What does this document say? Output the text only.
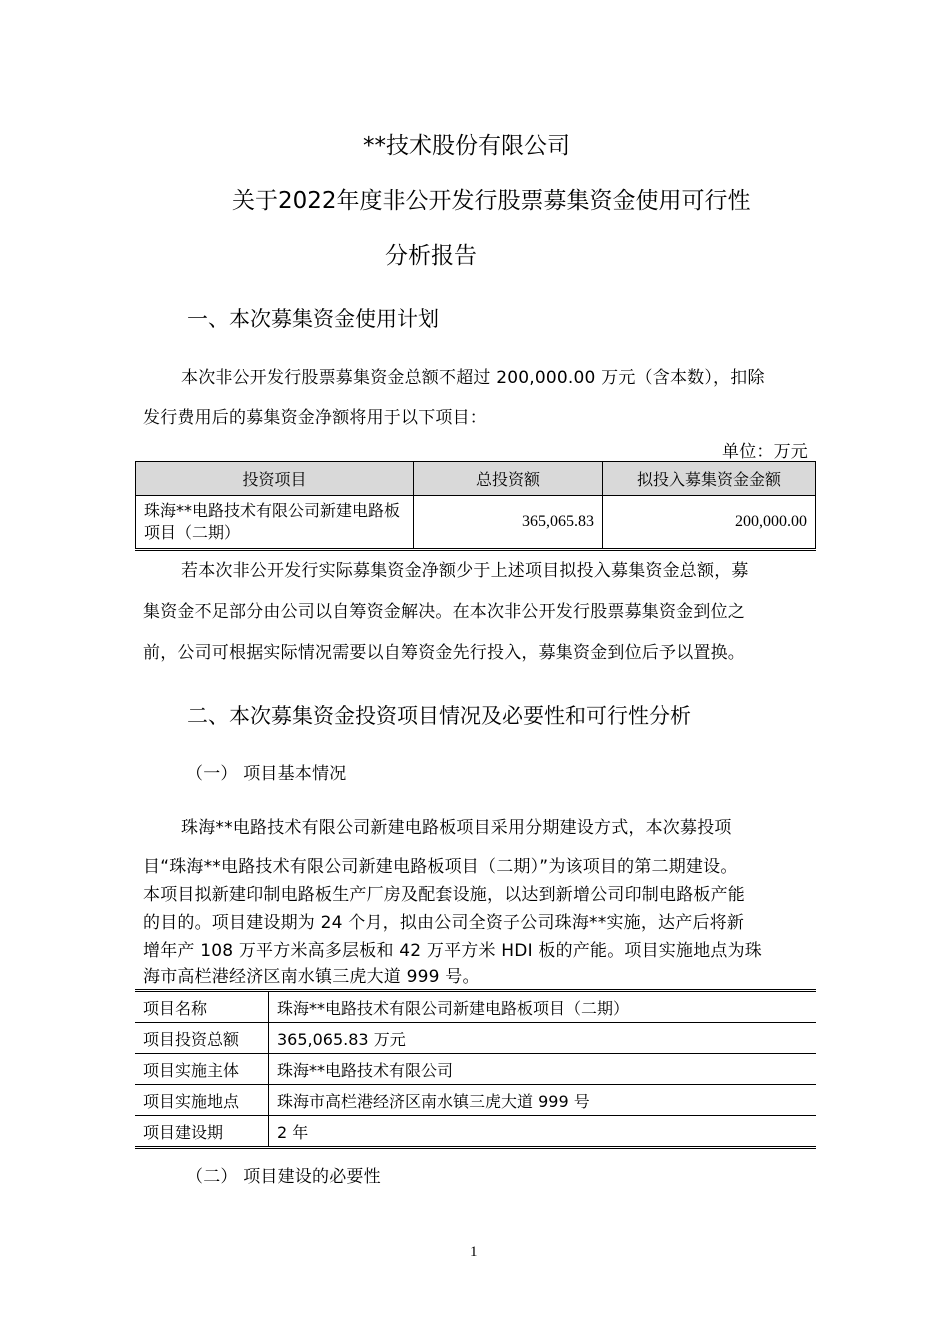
**技术股份有限公司
关于2022年度非公开发行股票募集资金使用可行性
分析报告
一、本次募集资金使用计划
本次非公开发行股票募集资金总额不超过 200,000.00 万元（含本数），扣除
发行费用后的募集资金净额将用于以下项目：
单位：万元
投资项目	总投资额	拟投入募集资金金额
珠海**电路技术有限公司新建电路板项目（二期）	365,065.83	200,000.00
若本次非公开发行实际募集资金净额少于上述项目拟投入募集资金总额，募
集资金不足部分由公司以自筹资金解决。在本次非公开发行股票募集资金到位之
前，公司可根据实际情况需要以自筹资金先行投入，募集资金到位后予以置换。
二、本次募集资金投资项目情况及必要性和可行性分析
（一） 项目基本情况
珠海**电路技术有限公司新建电路板项目采用分期建设方式，本次募投项
目“珠海**电路技术有限公司新建电路板项目（二期）”为该项目的第二期建设。
本项目拟新建印制电路板生产厂房及配套设施，以达到新增公司印制电路板产能
的目的。项目建设期为 24 个月，拟由公司全资子公司珠海**实施，达产后将新
增年产 108 万平方米高多层板和 42 万平方米 HDI 板的产能。项目实施地点为珠
海市高栏港经济区南水镇三虎大道 999 号。
项目名称	珠海**电路技术有限公司新建电路板项目（二期）
项目投资总额	365,065.83 万元
项目实施主体	珠海**电路技术有限公司
项目实施地点	珠海市高栏港经济区南水镇三虎大道 999 号
项目建设期	2 年
（二） 项目建设的必要性
1
